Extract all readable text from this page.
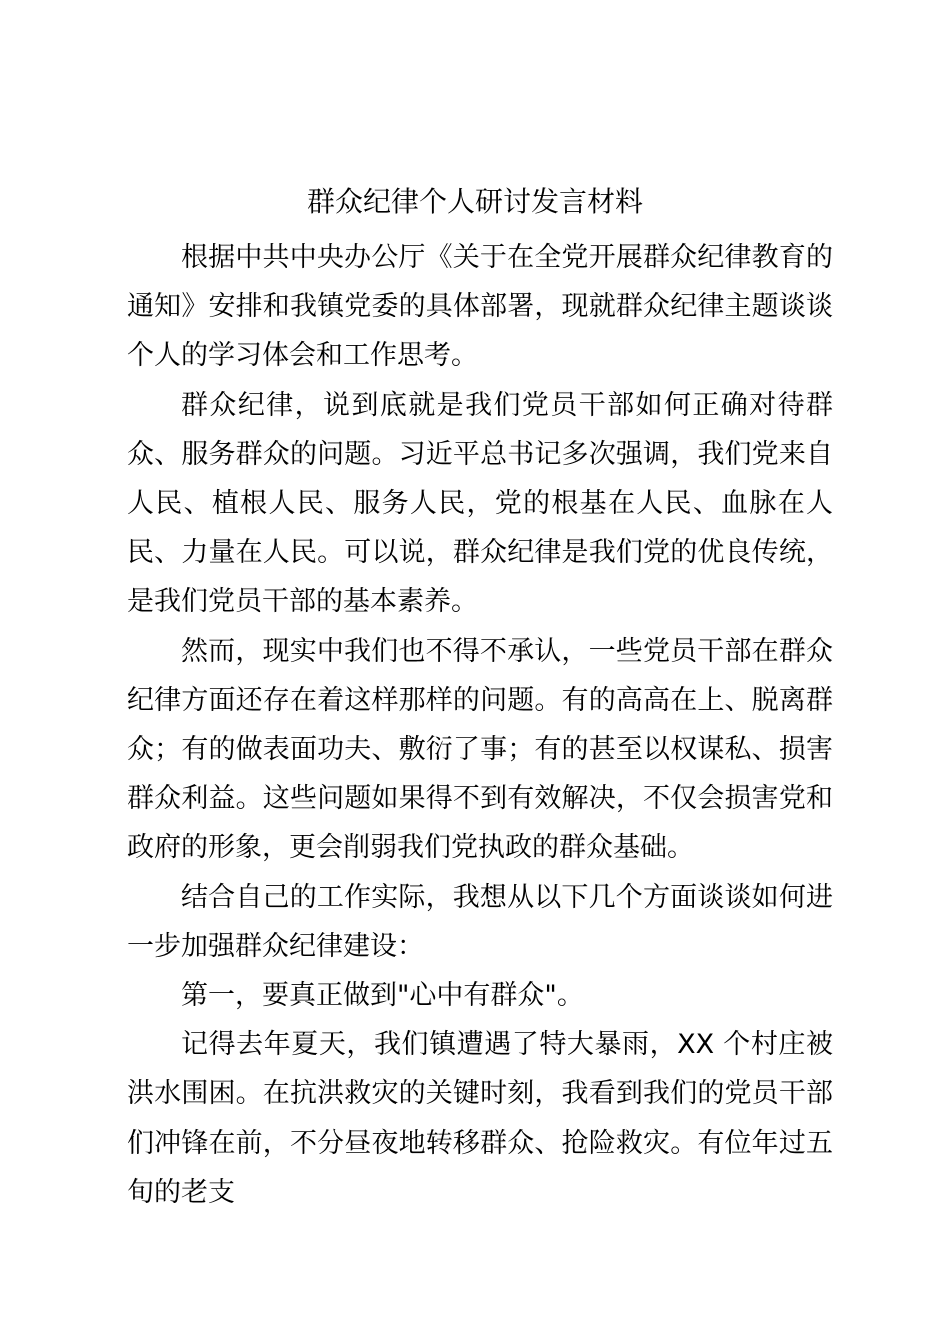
群众纪律个人研讨发言材料

根据中共中央办公厅《关于在全党开展群众纪律教育的通知》安排和我镇党委的具体部署，现就群众纪律主题谈谈个人的学习体会和工作思考。

群众纪律，说到底就是我们党员干部如何正确对待群众、服务群众的问题。习近平总书记多次强调，我们党来自人民、植根人民、服务人民，党的根基在人民、血脉在人民、力量在人民。可以说，群众纪律是我们党的优良传统，是我们党员干部的基本素养。

然而，现实中我们也不得不承认，一些党员干部在群众纪律方面还存在着这样那样的问题。有的高高在上、脱离群众；有的做表面功夫、敷衍了事；有的甚至以权谋私、损害群众利益。这些问题如果得不到有效解决，不仅会损害党和政府的形象，更会削弱我们党执政的群众基础。

结合自己的工作实际，我想从以下几个方面谈谈如何进一步加强群众纪律建设：

第一，要真正做到"心中有群众"。

记得去年夏天，我们镇遭遇了特大暴雨，XX 个村庄被洪水围困。在抗洪救灾的关键时刻，我看到我们的党员干部们冲锋在前，不分昼夜地转移群众、抢险救灾。有位年过五旬的老支
